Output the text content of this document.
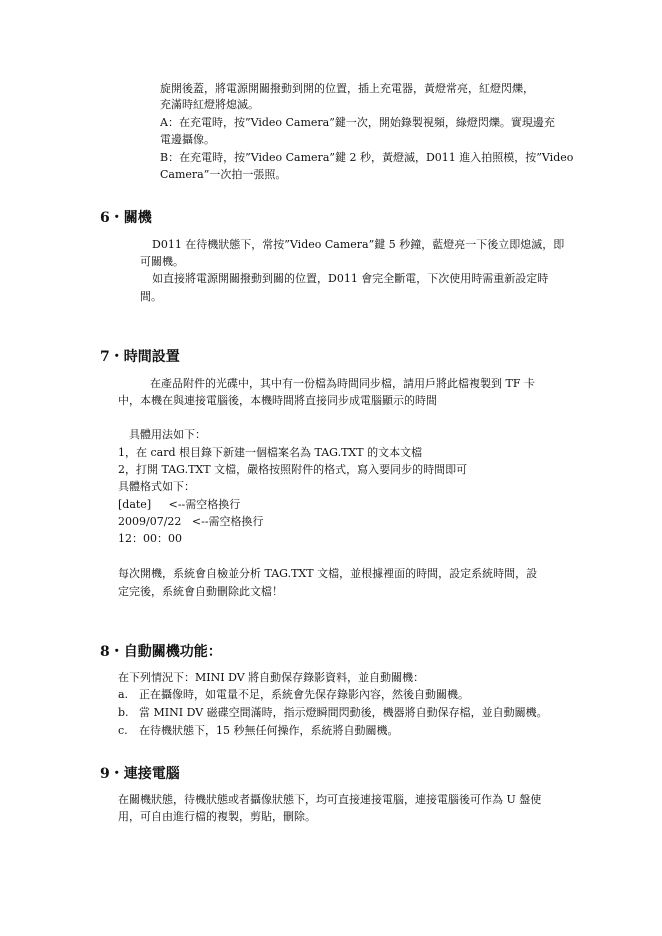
旋開後蓋，將電源開關撥動到開的位置，插上充電器，黃燈常亮，紅燈閃爍，
充滿時紅燈將熄滅。
A：在充電時，按”Video Camera”鍵一次，開始錄製視頻，綠燈閃爍。實現邊充
電邊攝像。
B：在充電時，按”Video Camera”鍵 2 秒，黃燈滅，D011 進入拍照模，按”Video
Camera”一次拍一張照。
6・關機
D011 在待機狀態下，常按”Video Camera”鍵 5 秒鐘，藍燈亮一下後立即熄滅，即
可關機。
如直接將電源開關撥動到關的位置，D011 會完全斷電，下次使用時需重新設定時
間。
7・時間設置
在產品附件的光碟中，其中有一份檔為時間同步檔，請用戶將此檔複製到 TF 卡
中，本機在與連接電腦後，本機時間將直接同步成電腦顯示的時間
具體用法如下：
1，在 card 根目錄下新建一個檔案名為 TAG.TXT 的文本文檔
2，打開 TAG.TXT 文檔，嚴格按照附件的格式，寫入要同步的時間即可
具體格式如下：
[date]     <--需空格換行
2009/07/22   <--需空格換行
12：00：00
每次開機，系統會自檢並分析 TAG.TXT 文檔，並根據裡面的時間，設定系統時間，設
定完後，系統會自動刪除此文檔！
8・自動關機功能：
在下列情況下：MINI DV 將自動保存錄影資料，並自動關機：
a. 正在攝像時，如電量不足，系統會先保存錄影內容，然後自動關機。
b. 當 MINI DV 磁碟空間滿時，指示燈瞬間閃動後，機器將自動保存檔，並自動關機。
c. 在待機狀態下，15 秒無任何操作，系統將自動關機。
9・連接電腦
在關機狀態，待機狀態或者攝像狀態下，均可直接連接電腦，連接電腦後可作為 U 盤使
用，可自由進行檔的複製，剪貼，刪除。
